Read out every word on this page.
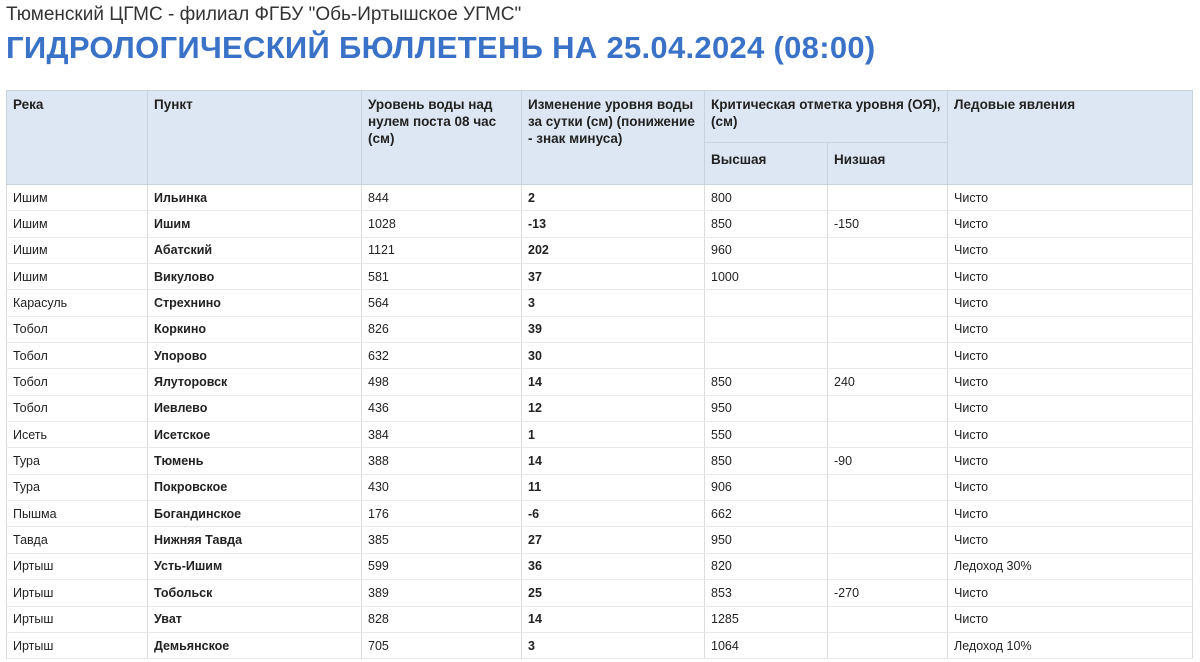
Тюменский ЦГМС - филиал ФГБУ "Обь-Иртышское УГМС"
ГИДРОЛОГИЧЕСКИЙ БЮЛЛЕТЕНЬ НА 25.04.2024 (08:00)
Река	Пункт	Уровень воды над нулем поста 08 час (см)	Изменение уровня воды за сутки (см) (понижение - знак минуса)	Критическая отметка уровня (ОЯ), (см)		Ледовые явления
				Высшая	Низшая	
Ишим	Ильинка	844	2	800		Чисто
Ишим	Ишим	1028	-13	850	-150	Чисто
Ишим	Абатский	1121	202	960		Чисто
Ишим	Викулово	581	37	1000		Чисто
Карасуль	Стрехнино	564	3			Чисто
Тобол	Коркино	826	39			Чисто
Тобол	Упорово	632	30			Чисто
Тобол	Ялуторовск	498	14	850	240	Чисто
Тобол	Иевлево	436	12	950		Чисто
Исеть	Исетское	384	1	550		Чисто
Тура	Тюмень	388	14	850	-90	Чисто
Тура	Покровское	430	11	906		Чисто
Пышма	Богандинское	176	-6	662		Чисто
Тавда	Нижняя Тавда	385	27	950		Чисто
Иртыш	Усть-Ишим	599	36	820		Ледоход 30%
Иртыш	Тобольск	389	25	853	-270	Чисто
Иртыш	Уват	828	14	1285		Чисто
Иртыш	Демьянское	705	3	1064		Ледоход 10%
